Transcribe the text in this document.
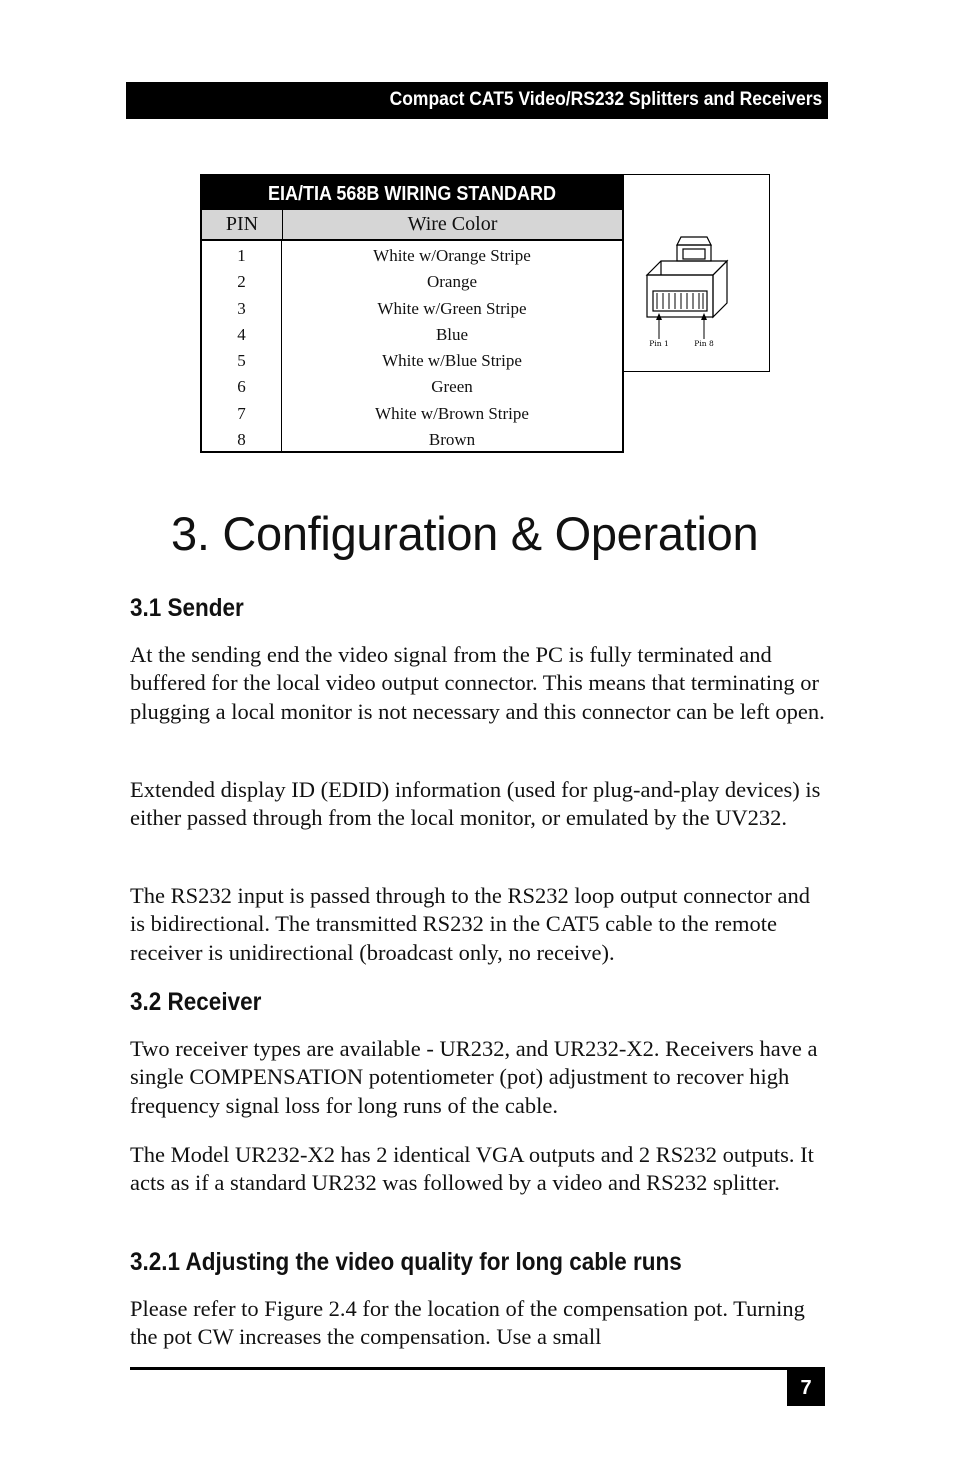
Compact CAT5 Video/RS232 Splitters and Receivers
EIA/TIA 568B WIRING STANDARD
PIN	Wire Color
1
2
3
4
5
6
7
8
White w/Orange Stripe
Orange
White w/Green Stripe
Blue
White w/Blue Stripe
Green
White w/Brown Stripe
Brown
Pin 1	Pin 8
3. Configuration & Operation
3.1 Sender

At the sending end the video signal from the PC is fully terminated and buffered for the local video output connector. This means that terminating or plugging a local monitor is not necessary and this connector can be left open.

Extended display ID (EDID) information (used for plug-and-play devices) is either passed through from the local monitor, or emulated by the UV232.

The RS232 input is passed through to the RS232 loop output connector and is bidirectional. The transmitted RS232 in the CAT5 cable to the remote receiver is unidirectional (broadcast only, no receive).

3.2 Receiver

Two receiver types are available - UR232, and UR232-X2. Receivers have a single COMPENSATION potentiometer (pot) adjustment to recover high frequency signal loss for long runs of the cable.

The Model UR232-X2 has 2 identical VGA outputs and 2 RS232 outputs. It acts as if a standard UR232 was followed by a video and RS232 splitter.

3.2.1 Adjusting the video quality for long cable runs

Please refer to Figure 2.4 for the location of the compensation pot. Turning the pot CW increases the compensation. Use a small

7
